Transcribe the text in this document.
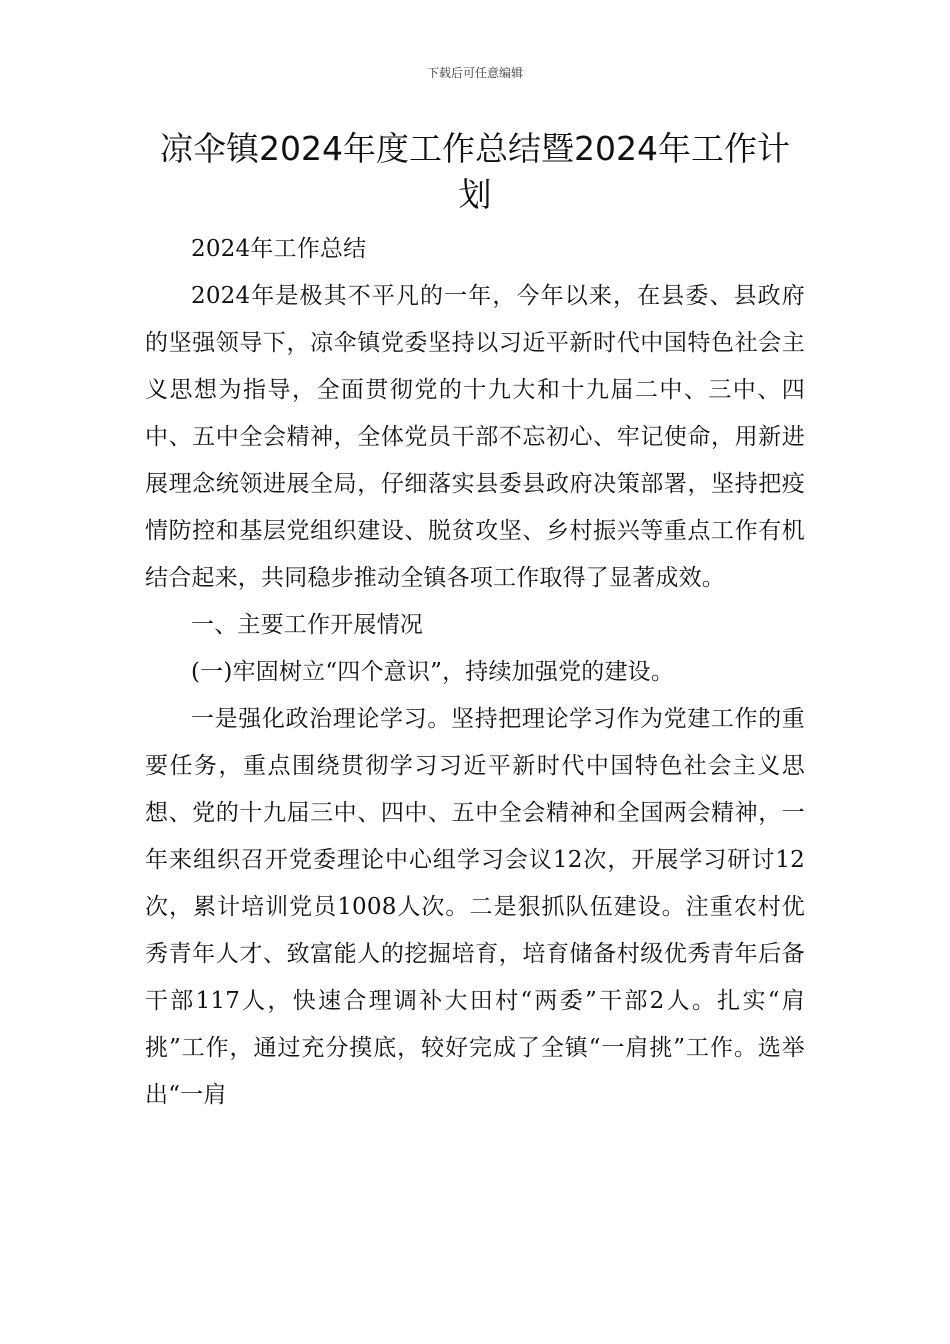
下载后可任意编辑
凉伞镇2024年度工作总结暨2024年工作计划

2024年工作总结

2024年是极其不平凡的一年，今年以来，在县委、县政府的坚强领导下，凉伞镇党委坚持以习近平新时代中国特色社会主义思想为指导，全面贯彻党的十九大和十九届二中、三中、四中、五中全会精神，全体党员干部不忘初心、牢记使命，用新进展理念统领进展全局，仔细落实县委县政府决策部署，坚持把疫情防控和基层党组织建设、脱贫攻坚、乡村振兴等重点工作有机结合起来，共同稳步推动全镇各项工作取得了显著成效。

一、主要工作开展情况

(一)牢固树立“四个意识”，持续加强党的建设。

一是强化政治理论学习。坚持把理论学习作为党建工作的重要任务，重点围绕贯彻学习习近平新时代中国特色社会主义思想、党的十九届三中、四中、五中全会精神和全国两会精神，一年来组织召开党委理论中心组学习会议12次，开展学习研讨12次，累计培训党员1008人次。二是狠抓队伍建设。注重农村优秀青年人才、致富能人的挖掘培育，培育储备村级优秀青年后备干部117人，快速合理调补大田村“两委”干部2人。扎实“肩挑”工作，通过充分摸底，较好完成了全镇“一肩挑”工作。选举出“一肩
